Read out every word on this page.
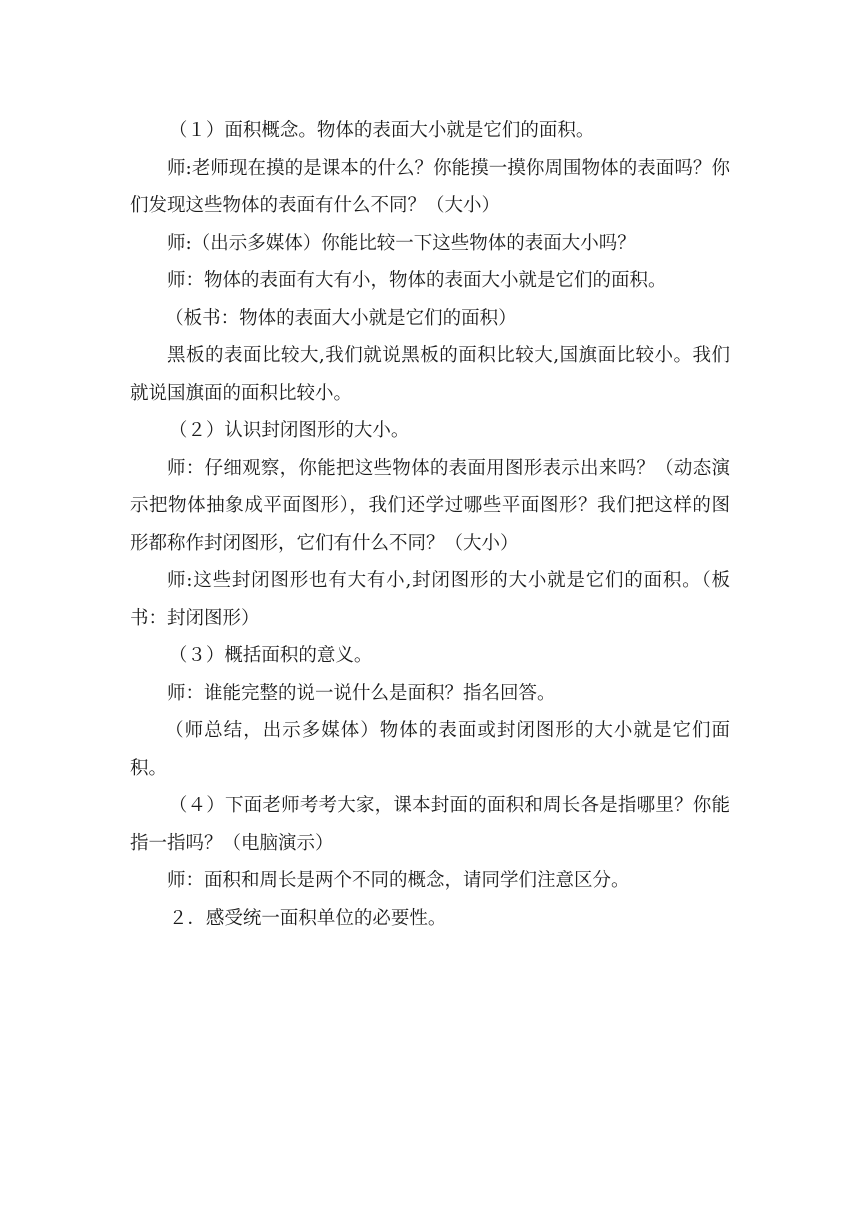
（１）面积概念。物体的表面大小就是它们的面积。

师:老师现在摸的是课本的什么？你能摸一摸你周围物体的表面吗？你们发现这些物体的表面有什么不同？（大小）

师:（出示多媒体）你能比较一下这些物体的表面大小吗？

师：物体的表面有大有小，物体的表面大小就是它们的面积。

（板书：物体的表面大小就是它们的面积）

黑板的表面比较大,我们就说黑板的面积比较大,国旗面比较小。我们就说国旗面的面积比较小。

（２）认识封闭图形的大小。

师：仔细观察，你能把这些物体的表面用图形表示出来吗？（动态演示把物体抽象成平面图形），我们还学过哪些平面图形？我们把这样的图形都称作封闭图形，它们有什么不同？（大小）

师:这些封闭图形也有大有小,封闭图形的大小就是它们的面积。（板书：封闭图形）

（３）概括面积的意义。

师：谁能完整的说一说什么是面积？指名回答。

（师总结，出示多媒体）物体的表面或封闭图形的大小就是它们面积。

（４）下面老师考考大家，课本封面的面积和周长各是指哪里？你能指一指吗？（电脑演示）

师：面积和周长是两个不同的概念，请同学们注意区分。

２．感受统一面积单位的必要性。
